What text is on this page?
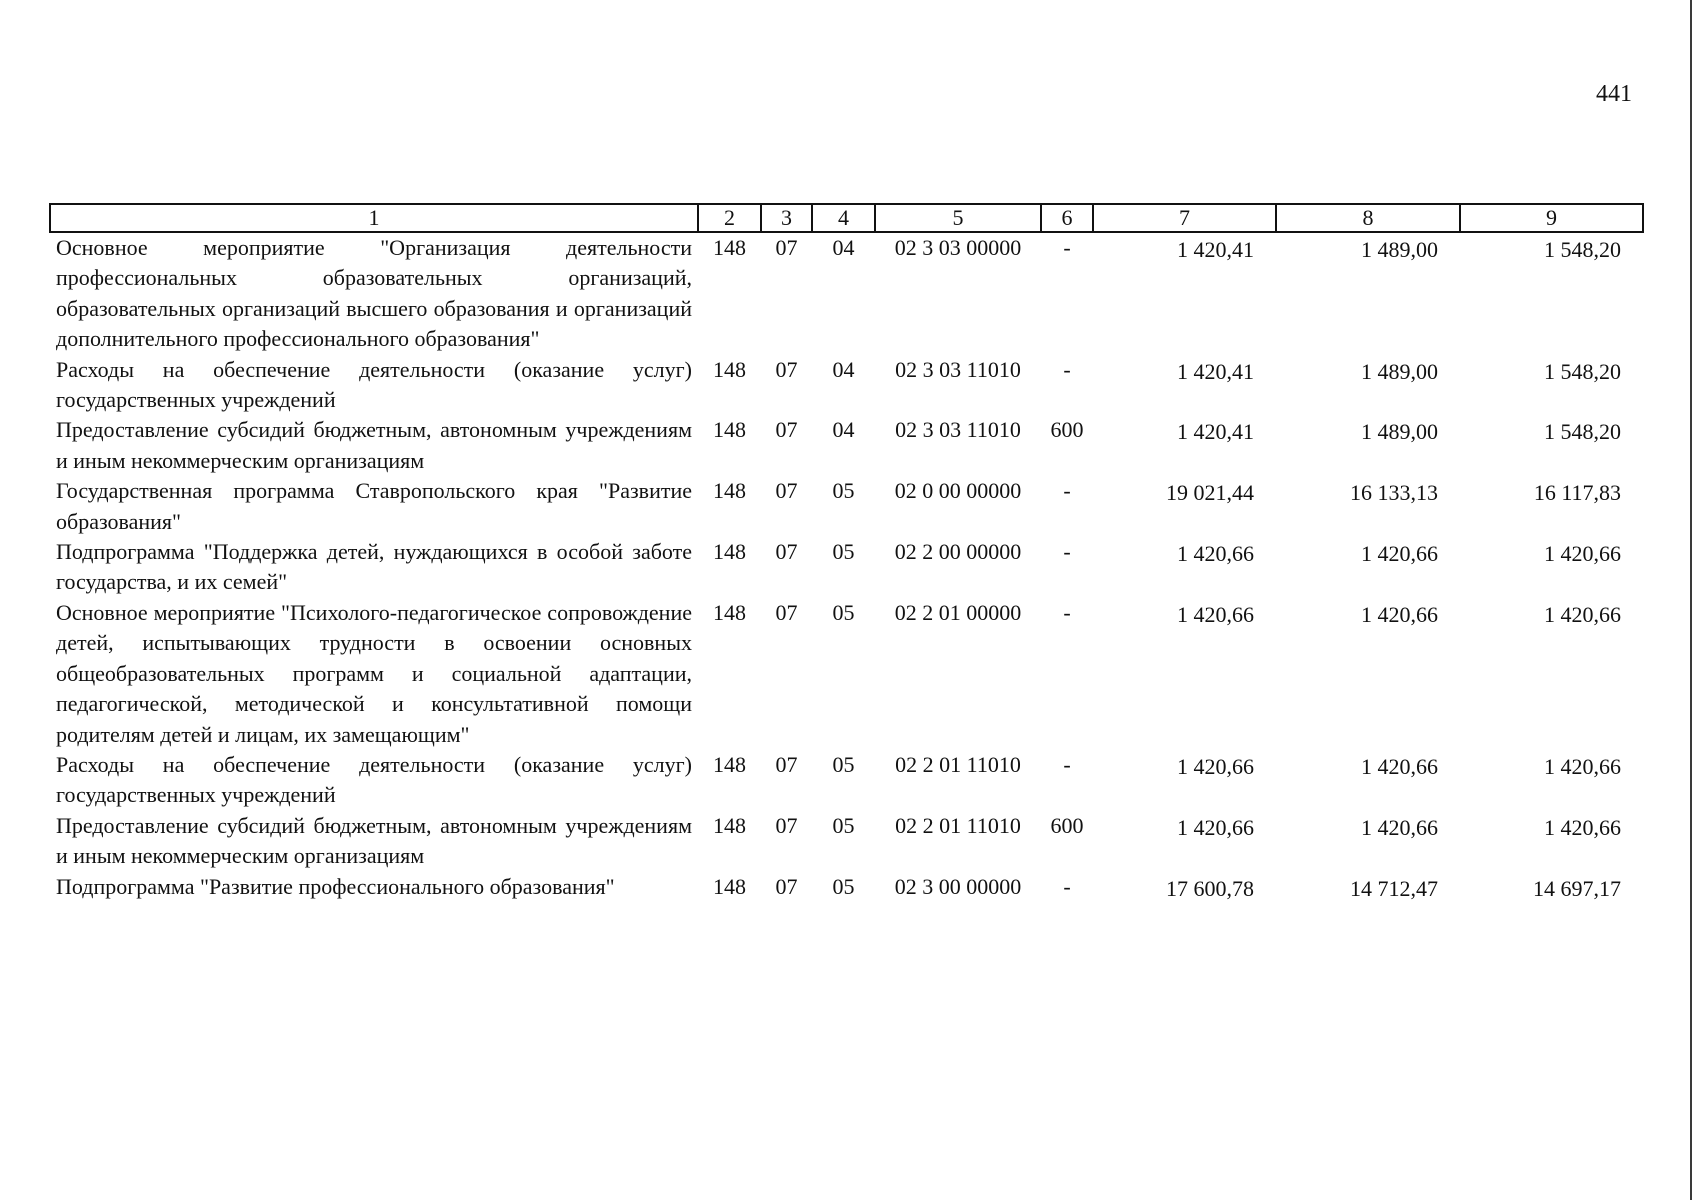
441
1	2	3	4	5	6	7	8	9
Основное мероприятие "Организация деятельности профессиональных образовательных организаций, образовательных организаций высшего образования и организаций дополнительного профессионального образования"	148	07	04	02 3 03 00000	-	1 420,41	1 489,00	1 548,20
Расходы на обеспечение деятельности (оказание услуг) государственных учреждений	148	07	04	02 3 03 11010	-	1 420,41	1 489,00	1 548,20
Предоставление субсидий бюджетным, автономным учреждениям и иным некоммерческим организациям	148	07	04	02 3 03 11010	600	1 420,41	1 489,00	1 548,20
Государственная программа Ставропольского края "Развитие образования"	148	07	05	02 0 00 00000	-	19 021,44	16 133,13	16 117,83
Подпрограмма "Поддержка детей, нуждающихся в особой заботе государства, и их семей"	148	07	05	02 2 00 00000	-	1 420,66	1 420,66	1 420,66
Основное мероприятие "Психолого-педагогическое сопровождение детей, испытывающих трудности в освоении основных общеобразовательных программ и социальной адаптации, педагогической, методической и консультативной помощи родителям детей и лицам, их замещающим"	148	07	05	02 2 01 00000	-	1 420,66	1 420,66	1 420,66
Расходы на обеспечение деятельности (оказание услуг) государственных учреждений	148	07	05	02 2 01 11010	-	1 420,66	1 420,66	1 420,66
Предоставление субсидий бюджетным, автономным учреждениям и иным некоммерческим организациям	148	07	05	02 2 01 11010	600	1 420,66	1 420,66	1 420,66
Подпрограмма "Развитие профессионального образования"	148	07	05	02 3 00 00000	-	17 600,78	14 712,47	14 697,17
